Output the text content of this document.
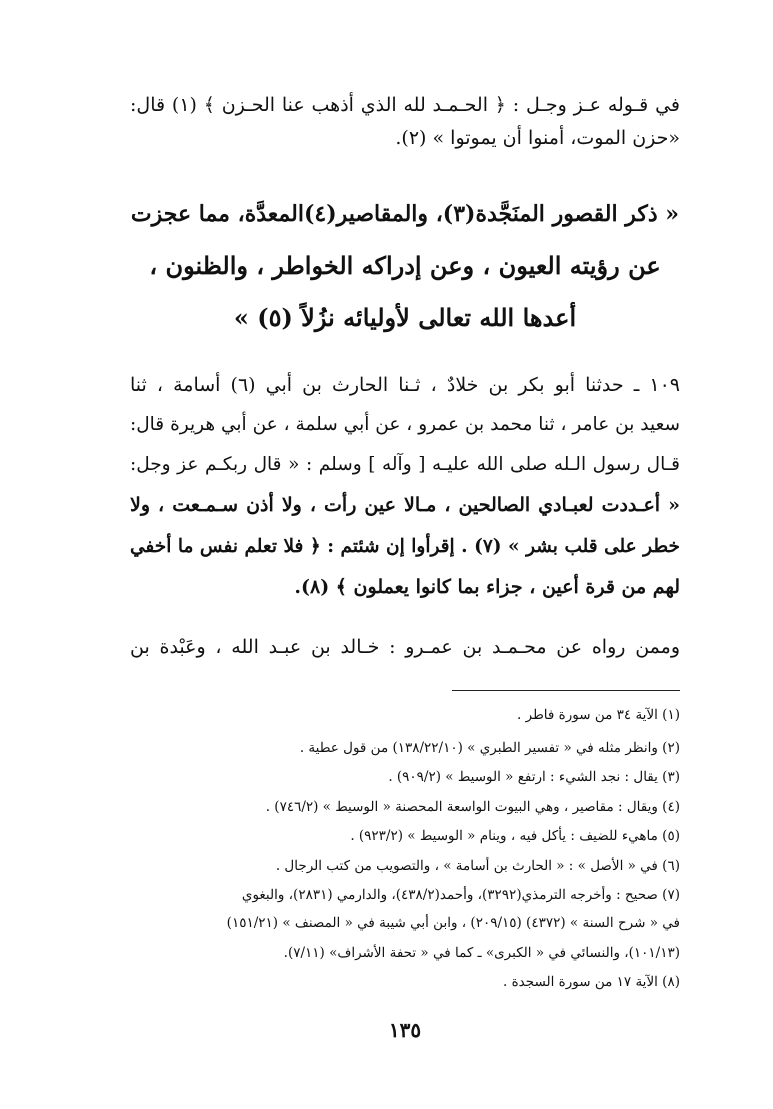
في قـوله عـز وجـل : ﴿ الحـمـد لله الذي أذهب عنا الحـزن ﴾ (١) قال:
«حزن الموت، أمنوا أن يموتوا » (٢).
« ذكر القصور المنَجَّدة(٣)، والمقاصير(٤)المعدَّة، مما عجزت
عن رؤيته العيون ، وعن إدراكه الخواطر ، والظنون ،
أعدها الله تعالى لأوليائه نزُلاً (٥) »
١٠٩ ـ حدثنا أبو بكر بن خلادٌ ، ثـنا الحارث بن أبي (٦) أسامة ، ثنا
سعيد بن عامر ، ثنا محمد بن عمرو ، عن أبي سلمة ، عن أبي هريرة قال:
قـال رسول الـله صلى الله عليـه [ وآله ] وسلم : « قال ربكـم عز وجل:
« أعـددت لعبـادي الصالحين ، مـالا عين رأت ، ولا أذن سـمـعت ، ولا
خطر على قلب بشر » (٧) . إقرأوا إن شئتم : ﴿ فلا تعلم نفس ما أخفي
لهم من قرة أعين ، جزاء بما كانوا يعملون ﴾ (٨).
وممن رواه عن محـمـد بن عمـرو : خـالد بن عبـد الله ، وعَبْدة بن
(١) الآية ٣٤ من سورة فاطر .
(٢) وانظر مثله في « تفسير الطبري » (١٣٨/٢٢/١٠) من قول عطية .
(٣) يقال : نجد الشيء : ارتفع « الوسيط » (٩٠٩/٢) .
(٤) ويقال : مقاصير ، وهي البيوت الواسعة المحصنة « الوسيط » (٧٤٦/٢) .
(٥) ماهيء للضيف : يأكل فيه ، وينام « الوسيط » (٩٢٣/٢) .
(٦) في « الأصل » : « الحارث بن أسامة » ، والتصويب من كتب الرجال .
(٧) صحيح : وأخرجه الترمذي(٣٢٩٢)، وأحمد(٤٣٨/٢)، والدارمي (٢٨٣١)، والبغوي
في « شرح السنة » (٤٣٧٢) (٢٠٩/١٥) ، وابن أبي شيبة في « المصنف » (١٥١/٢١)
(١٠١/١٣)، والنسائي في « الكبرى» ـ كما في « تحفة الأشراف» (٧/١١).
(٨) الآية ١٧ من سورة السجدة .
١٣٥
